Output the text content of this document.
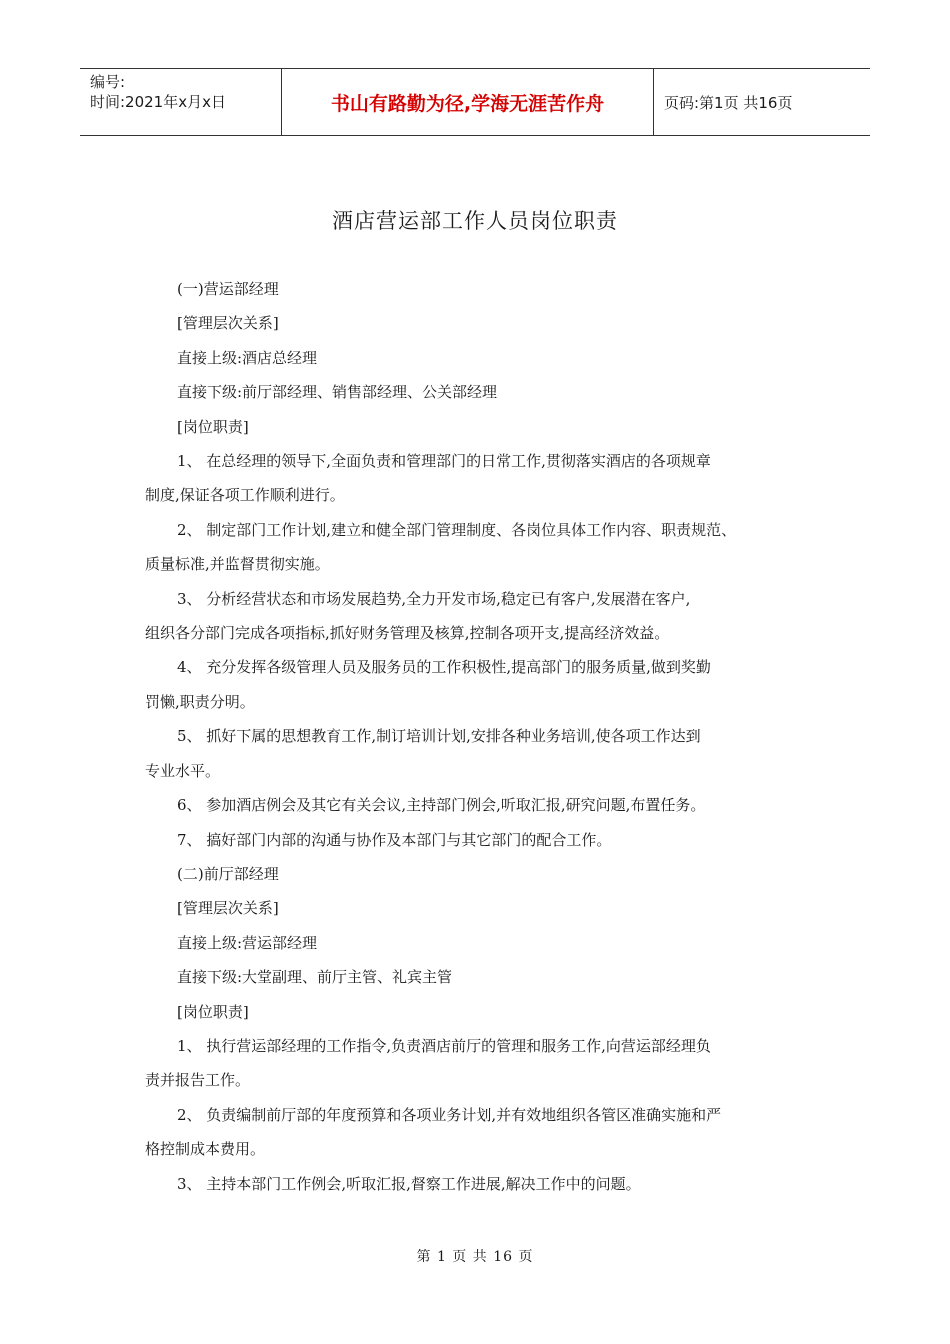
编号:
时间:2021年x月x日	书山有路勤为径,学海无涯苦作舟	页码:第1页 共16页
酒店营运部工作人员岗位职责

(一)营运部经理

[管理层次关系]

直接上级:酒店总经理

直接下级:前厅部经理、销售部经理、公关部经理

[岗位职责]

1、 在总经理的领导下,全面负责和管理部门的日常工作,贯彻落实酒店的各项规章

制度,保证各项工作顺利进行。

2、 制定部门工作计划,建立和健全部门管理制度、各岗位具体工作内容、职责规范、

质量标准,并监督贯彻实施。

3、 分析经营状态和市场发展趋势,全力开发市场,稳定已有客户,发展潜在客户,

组织各分部门完成各项指标,抓好财务管理及核算,控制各项开支,提高经济效益。

4、 充分发挥各级管理人员及服务员的工作积极性,提高部门的服务质量,做到奖勤

罚懒,职责分明。

5、 抓好下属的思想教育工作,制订培训计划,安排各种业务培训,使各项工作达到

专业水平。

6、 参加酒店例会及其它有关会议,主持部门例会,听取汇报,研究问题,布置任务。

7、 搞好部门内部的沟通与协作及本部门与其它部门的配合工作。

(二)前厅部经理

[管理层次关系]

直接上级:营运部经理

直接下级:大堂副理、前厅主管、礼宾主管

[岗位职责]

1、 执行营运部经理的工作指令,负责酒店前厅的管理和服务工作,向营运部经理负

责并报告工作。

2、 负责编制前厅部的年度预算和各项业务计划,并有效地组织各管区准确实施和严

格控制成本费用。

3、 主持本部门工作例会,听取汇报,督察工作进展,解决工作中的问题。

第 1 页 共 16 页
